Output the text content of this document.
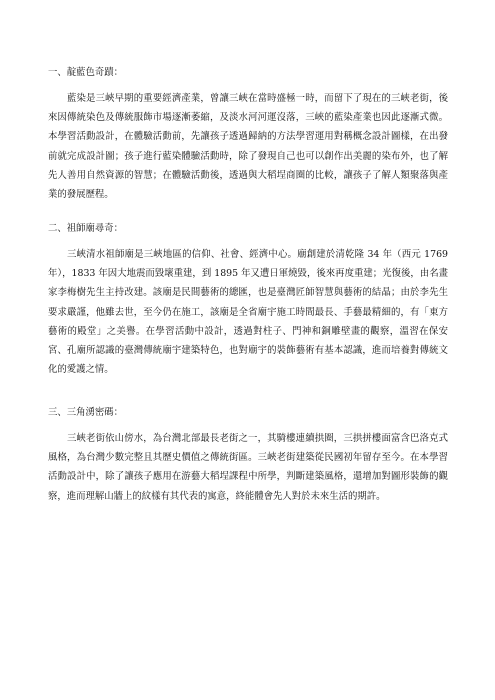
一、靛藍色奇蹟：

藍染是三峽早期的重要經濟產業，曾讓三峽在當時盛極一時，而留下了現在的三峽老街，後來因傳統染色及傳統服飾市場逐漸萎縮，及淡水河河運沒落，三峽的藍染產業也因此逐漸式微。本學習活動設計，在體驗活動前，先讓孩子透過歸納的方法學習運用對稱概念設計圖樣，在出發前就完成設計圖；孩子進行藍染體驗活動時，除了發現自己也可以創作出美麗的染布外，也了解先人善用自然資源的智慧；在體驗活動後，透過與大稻埕商圈的比較，讓孩子了解人類聚落與產業的發展歷程。

二、祖師廟尋奇：

三峽清水祖師廟是三峽地區的信仰、社會、經濟中心。廟創建於清乾隆 34 年（西元 1769 年），1833 年因大地震而毀壞重建，到 1895 年又遭日軍燒毀，後來再度重建；光復後，由名畫家李梅樹先生主持改建。該廟是民間藝術的總匯，也是臺灣匠師智慧與藝術的結晶；由於李先生要求嚴謹，他雖去世，至今仍在施工，該廟是全省廟宇施工時間最長、手藝最精細的，有「東方藝術的殿堂」之美譽。在學習活動中設計，透過對柱子、門神和銅雕壁畫的觀察，溫習在保安宮、孔廟所認識的臺灣傳統廟宇建築特色，也對廟宇的裝飾藝術有基本認識，進而培養對傳統文化的愛護之情。

三、三角湧密碼：

三峽老街依山傍水，為台灣北部最長老街之一，其騎樓連續拱圈，三拱拼樓面富含巴洛克式風格，為台灣少數完整且其歷史價值之傳統街區。三峽老街建築從民國初年留存至今。在本學習活動設計中，除了讓孩子應用在游藝大稻埕課程中所學，判斷建築風格，還增加對圖形裝飾的觀察，進而理解山牆上的紋樣有其代表的寓意，終能體會先人對於未來生活的期許。
